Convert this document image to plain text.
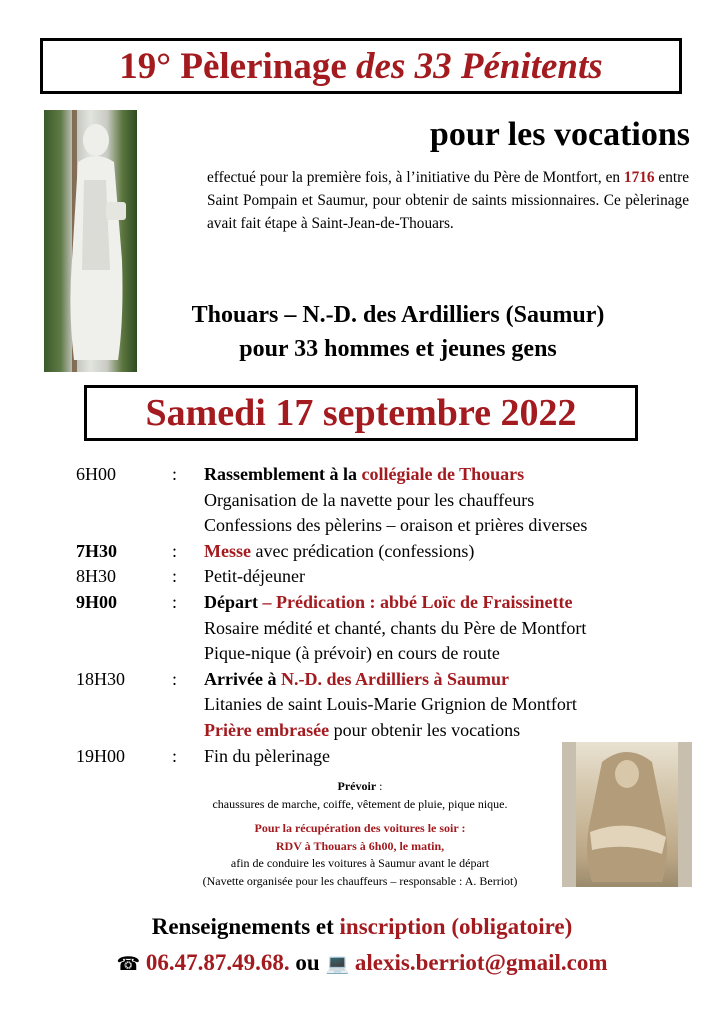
19° Pèlerinage des 33 Pénitents
pour les vocations
effectué pour la première fois, à l’initiative du Père de Montfort, en 1716 entre Saint Pompain et Saumur, pour obtenir de saints missionnaires. Ce pèlerinage avait fait étape à Saint-Jean-de-Thouars.
Thouars – N.-D. des Ardilliers (Saumur)
pour 33 hommes et jeunes gens
Samedi 17 septembre 2022
6H00	:	Rassemblement à la collégiale de Thouars
Organisation de la navette pour les chauffeurs
Confessions des pèlerins – oraison et prières diverses
7H30	:	Messe avec prédication (confessions)
8H30	:	Petit-déjeuner
9H00	:	Départ – Prédication : abbé Loïc de Fraissinette
Rosaire médité et chanté, chants du Père de Montfort
Pique-nique (à prévoir) en cours de route
18H30	:	Arrivée à N.-D. des Ardilliers à Saumur
Litanies de saint Louis-Marie Grignion de Montfort
Prière embrasée pour obtenir les vocations
19H00	:	Fin du pèlerinage
Prévoir :
chaussures de marche, coiffe, vêtement de pluie, pique nique.
Pour la récupération des voitures le soir :
RDV à Thouars à 6h00, le matin,
afin de conduire les voitures à Saumur avant le départ
(Navette organisée pour les chauffeurs – responsable : A. Berriot)
Renseignements et inscription (obligatoire)
☎ 06.47.87.49.68. ou 💻 alexis.berriot@gmail.com
